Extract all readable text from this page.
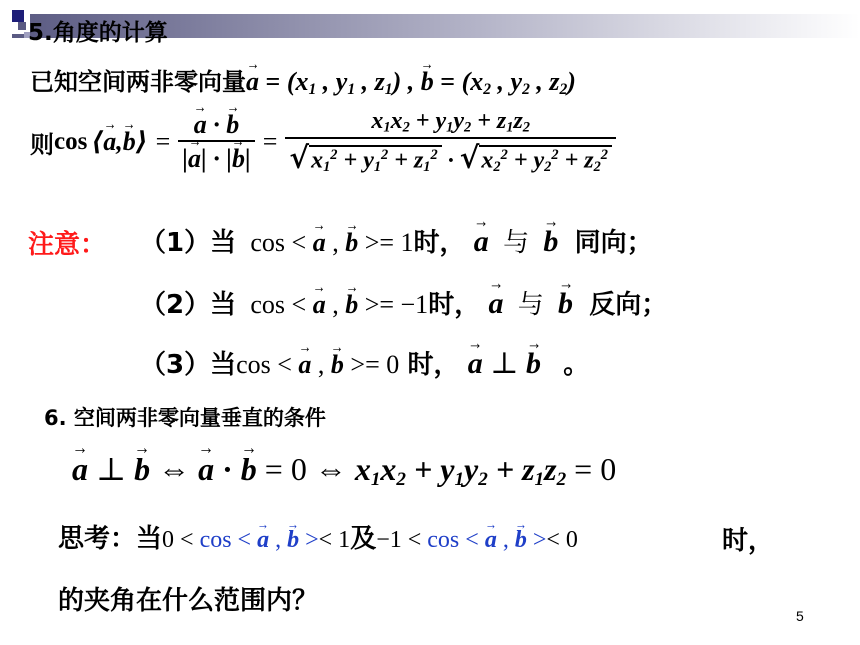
5.角度的计算
已知空间两非零向量→ $a = (x_1$ , $y_1$ , $z_1$) , → $b = (x_2$ , $y_2$ , $z_2$)
则 cos ⟨→ a,→ b⟩ = → $\frac{a \cdot \to b}{|\to a| \cdot |\to b|} = \frac{x_1x_2 + y_1y_2 + z_1z_2}{√x_1^2 + y_1^2 + z_1^2 \cdot √x_2^2 + y_2^2 + z_2^2}$
注意： （1）当 cos < → a , → b >= 1时， → a 与 → b 同向；
（2）当 cos < → a , → b >= −1时， → a 与 → b 反向；
（3）当cos < → a , → b >= 0 时， → a ⊥ → b 。
6. 空间两非零向量垂直的条件
→ a ⊥ → b ⇔ → a · → b = 0 ⇔ $x_1x_2 + y_1y_2 + z_1z_2 = 0$
思考：当0 < cos < → a , → b >< 1及−1 < cos < → a , → b >< 0	时，
的夹角在什么范围内？	5
